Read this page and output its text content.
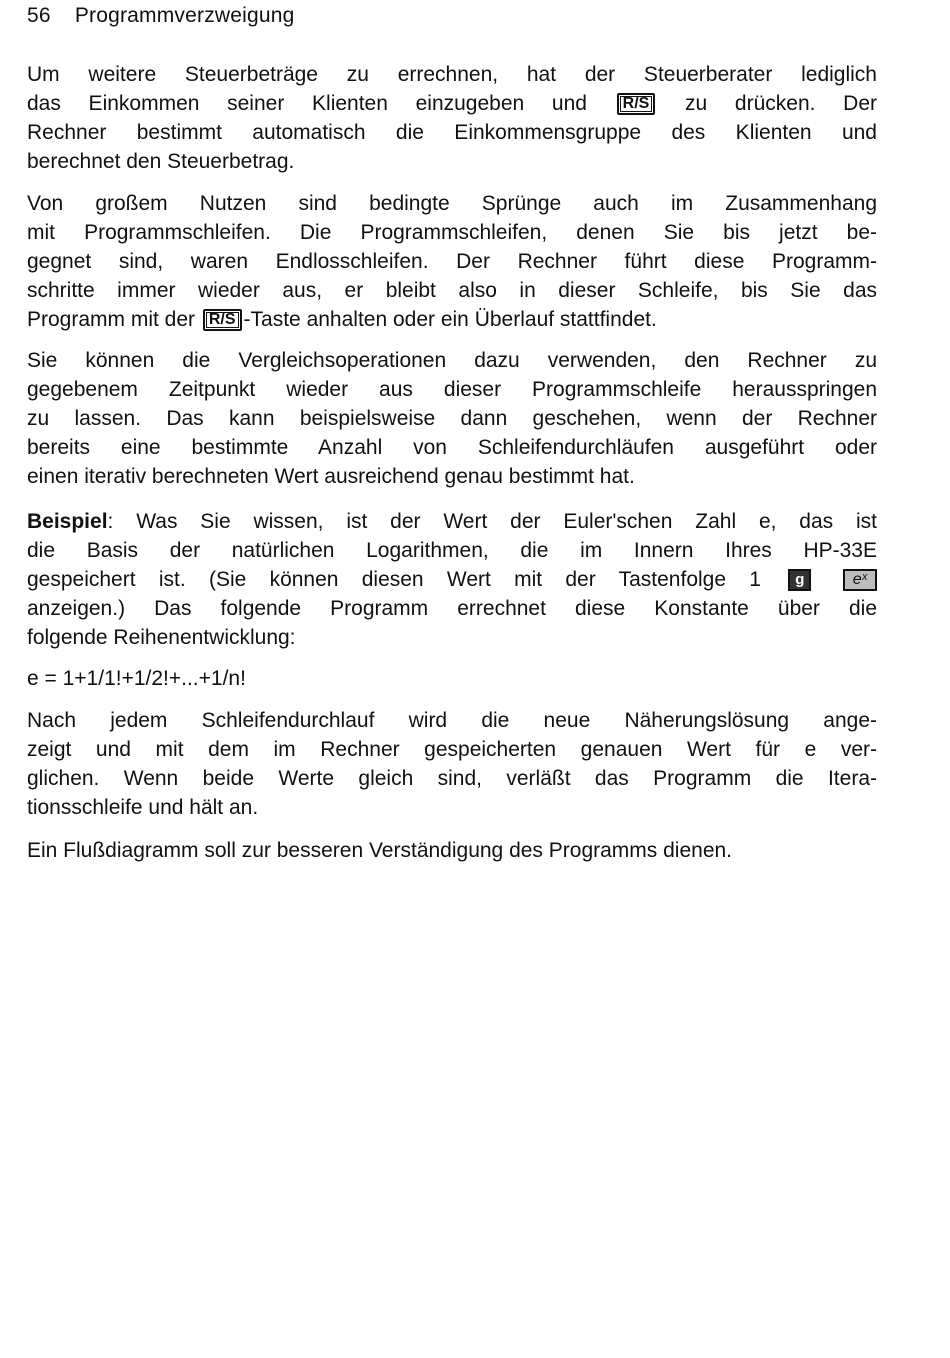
56 Programmverzweigung
Um weitere Steuerbeträge zu errechnen, hat der Steuerberater lediglich
das Einkommen seiner Klienten einzugeben und R/S zu drücken. Der
Rechner bestimmt automatisch die Einkommensgruppe des Klienten und
berechnet den Steuerbetrag.
Von großem Nutzen sind bedingte Sprünge auch im Zusammenhang
mit Programmschleifen. Die Programmschleifen, denen Sie bis jetzt be-
gegnet sind, waren Endlosschleifen. Der Rechner führt diese Programm-
schritte immer wieder aus, er bleibt also in dieser Schleife, bis Sie das
Programm mit der R/S -Taste anhalten oder ein Überlauf stattfindet.
Sie können die Vergleichsoperationen dazu verwenden, den Rechner zu
gegebenem Zeitpunkt wieder aus dieser Programmschleife herausspringen
zu lassen. Das kann beispielsweise dann geschehen, wenn der Rechner
bereits eine bestimmte Anzahl von Schleifendurchläufen ausgeführt oder
einen iterativ berechneten Wert ausreichend genau bestimmt hat.
Beispiel: Was Sie wissen, ist der Wert der Euler'schen Zahl e, das ist
die Basis der natürlichen Logarithmen, die im Innern Ihres HP-33E
gespeichert ist. (Sie können diesen Wert mit der Tastenfolge 1 g	eˣ
anzeigen.) Das folgende Programm errechnet diese Konstante über die
folgende Reihenentwicklung:
e = 1+1/1!+1/2!+...+1/n!
Nach jedem Schleifendurchlauf wird die neue Näherungslösung ange-
zeigt und mit dem im Rechner gespeicherten genauen Wert für e ver-
glichen. Wenn beide Werte gleich sind, verläßt das Programm die Itera-
tionsschleife und hält an.
Ein Flußdiagramm soll zur besseren Verständigung des Programms dienen.
